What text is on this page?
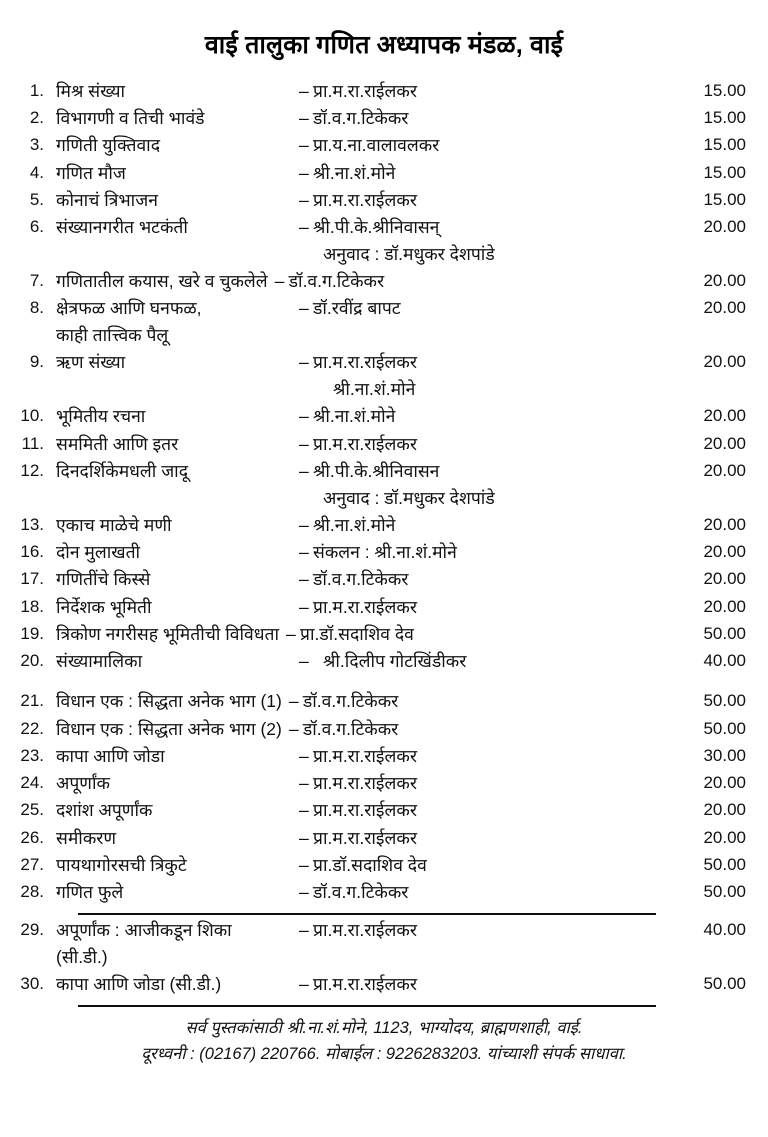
वाई तालुका गणित अध्यापक मंडळ, वाई
1. मिश्र संख्या	– प्रा.म.रा.राईलकर	15.00
2. विभागणी व तिची भावंडे	– डॉ.व.ग.टिकेकर	15.00
3. गणिती युक्तिवाद	– प्रा.य.ना.वालावलकर	15.00
4. गणित मौज	– श्री.ना.शं.मोने	15.00
5. कोनाचं त्रिभाजन	– प्रा.म.रा.राईलकर	15.00
6. संख्यानगरीत भटकंती	– श्री.पी.के.श्रीनिवासन्	20.00
अनुवाद : डॉ.मधुकर देशपांडे
7. गणितातील कयास, खरे व चुकलेले – डॉ.व.ग.टिकेकर	20.00
8. क्षेत्रफळ आणि घनफळ,	– डॉ.रवींद्र बापट	20.00
काही तात्त्विक पैलू
9. ऋण संख्या	– प्रा.म.रा.राईलकर	20.00
श्री.ना.शं.मोने
10. भूमितीय रचना	– श्री.ना.शं.मोने	20.00
11. सममिती आणि इतर	– प्रा.म.रा.राईलकर	20.00
12. दिनदर्शिकेमधली जादू	– श्री.पी.के.श्रीनिवासन	20.00
अनुवाद : डॉ.मधुकर देशपांडे
13. एकाच माळेचे मणी	– श्री.ना.शं.मोने	20.00
16. दोन मुलाखती	– संकलन : श्री.ना.शं.मोने	20.00
17. गणितींचे किस्से	– डॉ.व.ग.टिकेकर	20.00
18. निर्देशक भूमिती	– प्रा.म.रा.राईलकर	20.00
19. त्रिकोण नगरीसह भूमितीची विविधता – प्रा.डॉ.सदाशिव देव	50.00
20. संख्यामालिका	– श्री.दिलीप गोटखिंडीकर	40.00
21. विधान एक : सिद्धता अनेक भाग (1) – डॉ.व.ग.टिकेकर	50.00
22. विधान एक : सिद्धता अनेक भाग (2) – डॉ.व.ग.टिकेकर	50.00
23. कापा आणि जोडा	– प्रा.म.रा.राईलकर	30.00
24. अपूर्णांक	– प्रा.म.रा.राईलकर	20.00
25. दशांश अपूर्णांक	– प्रा.म.रा.राईलकर	20.00
26. समीकरण	– प्रा.म.रा.राईलकर	20.00
27. पायथागोरसची त्रिकुटे	– प्रा.डॉ.सदाशिव देव	50.00
28. गणित फुले	– डॉ.व.ग.टिकेकर	50.00
29. अपूर्णांक : आजीकडून शिका	– प्रा.म.रा.राईलकर	40.00
(सी.डी.)
30. कापा आणि जोडा (सी.डी.)	– प्रा.म.रा.राईलकर	50.00
सर्व पुस्तकांसाठी श्री.ना.शं.मोने, 1123, भाग्योदय, ब्राह्मणशाही, वाई.
दूरध्वनी : (02167) 220766. मोबाईल : 9226283203. यांच्याशी संपर्क साधावा.
